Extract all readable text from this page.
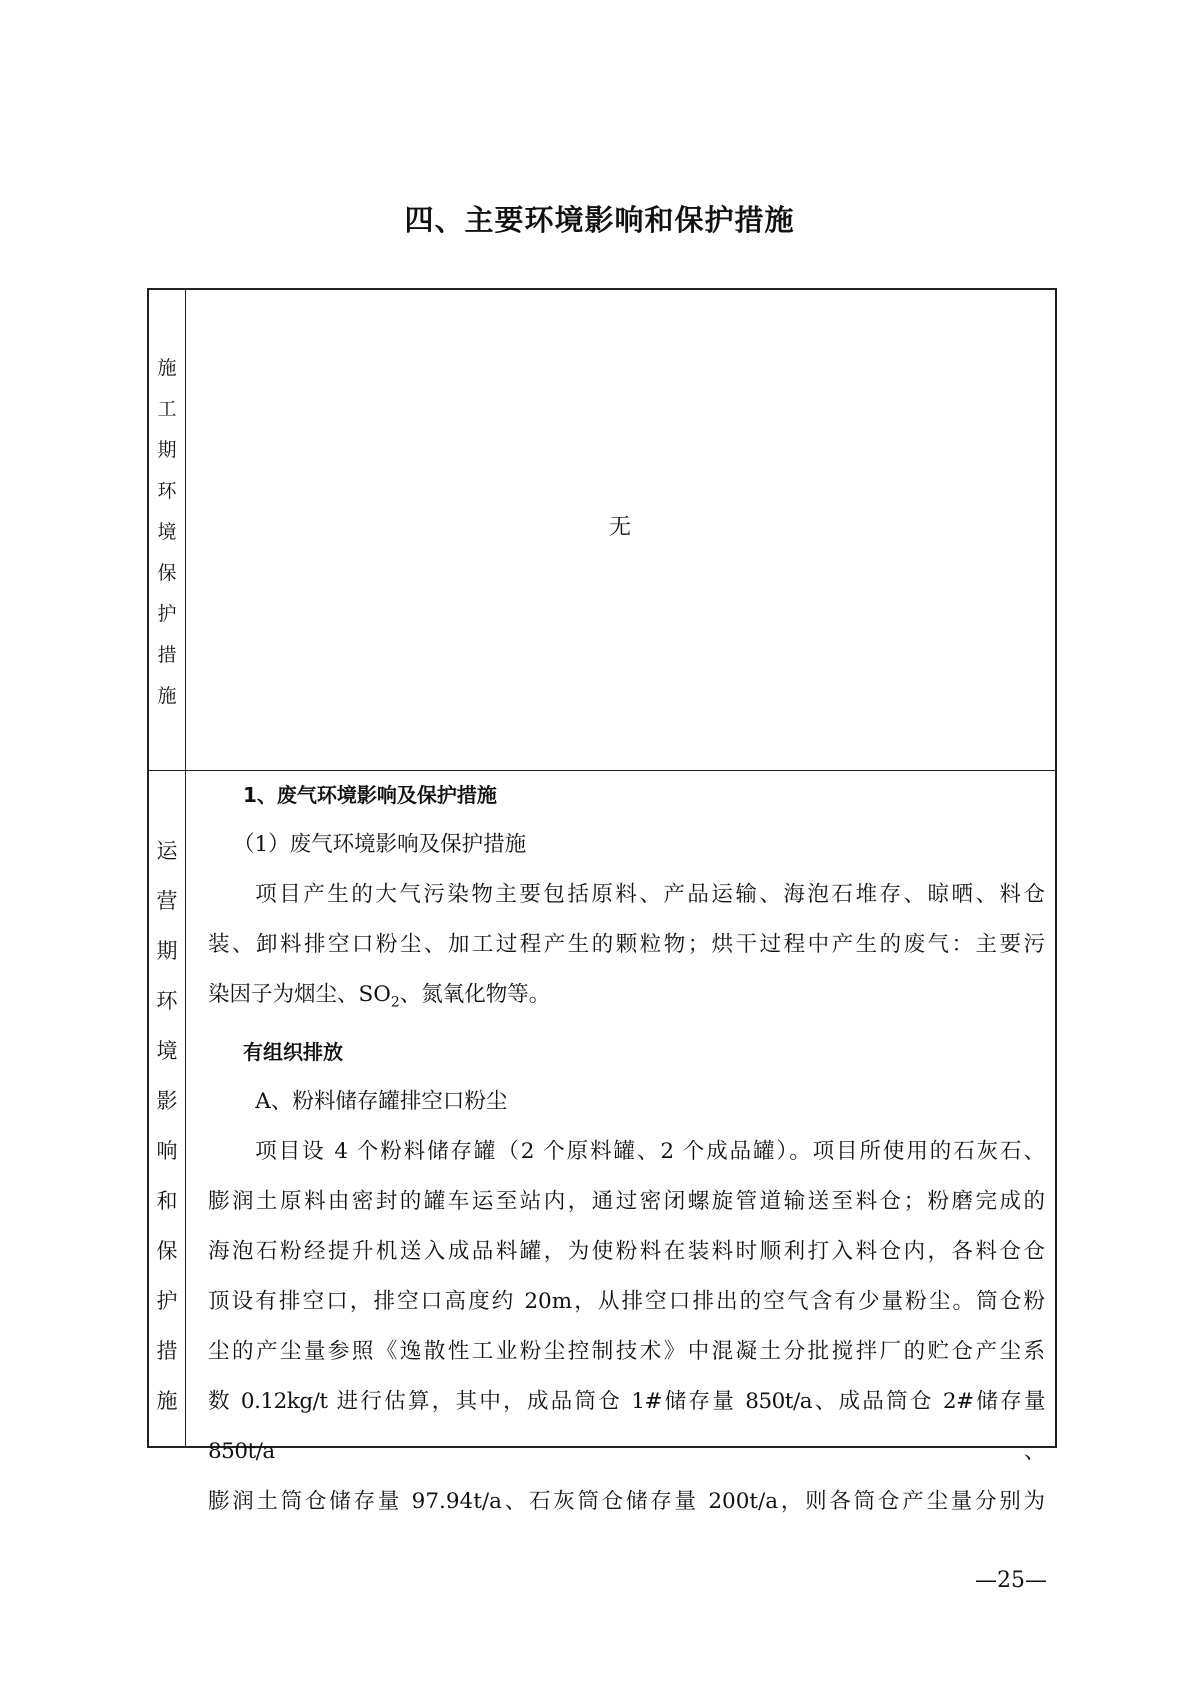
四、主要环境影响和保护措施
施
工
期
环
境
保
护
措
施
无
运
营
期
环
境
影
响
和
保
护
措
施

1、废气环境影响及保护措施

（1）废气环境影响及保护措施

项目产生的大气污染物主要包括原料、产品运输、海泡石堆存、晾晒、料仓

装、卸料排空口粉尘、加工过程产生的颗粒物；烘干过程中产生的废气：主要污

染因子为烟尘、$SO_2$、氮氧化物等。

有组织排放

A、粉料储存罐排空口粉尘

项目设 4 个粉料储存罐（2 个原料罐、2 个成品罐）。项目所使用的石灰石、

膨润土原料由密封的罐车运至站内，通过密闭螺旋管道输送至料仓；粉磨完成的

海泡石粉经提升机送入成品料罐，为使粉料在装料时顺利打入料仓内，各料仓仓

顶设有排空口，排空口高度约 20m，从排空口排出的空气含有少量粉尘。筒仓粉

尘的产尘量参照《逸散性工业粉尘控制技术》中混凝土分批搅拌厂的贮仓产尘系

数 0.12kg/t 进行估算，其中，成品筒仓 1#储存量 850t/a、成品筒仓 2#储存量 850t/a、

膨润土筒仓储存量 97.94t/a、石灰筒仓储存量 200t/a，则各筒仓产尘量分别为

—25—
